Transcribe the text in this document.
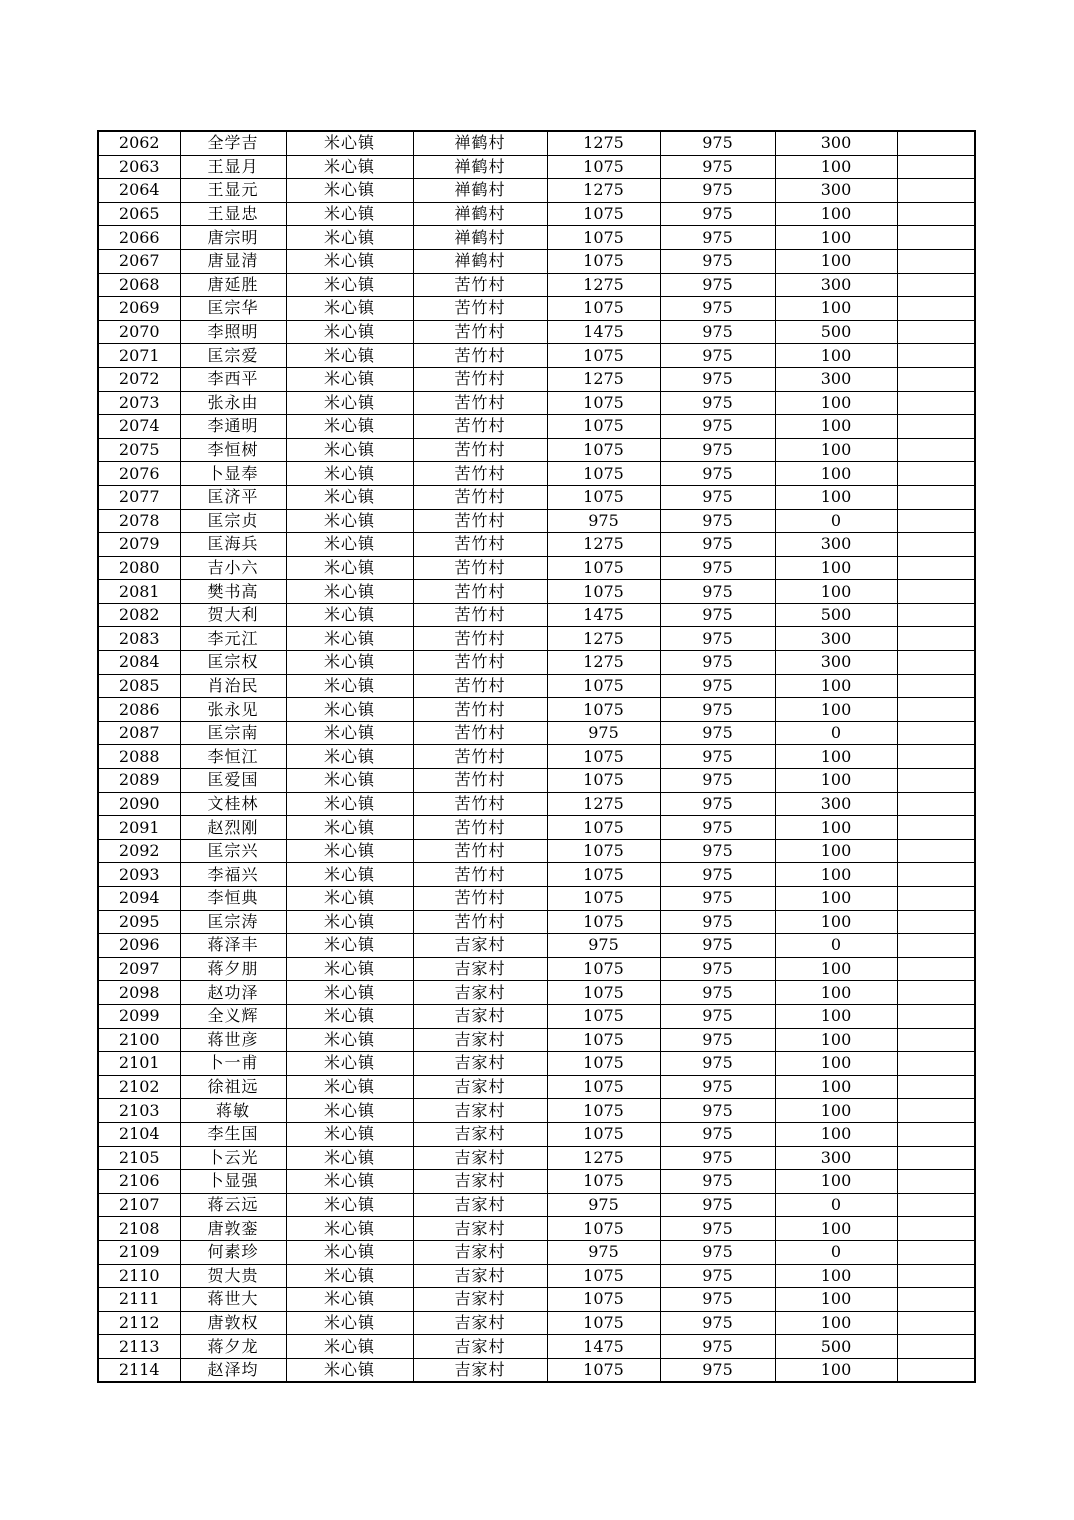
2062	全学吉	米心镇	禅鹤村	1275	975	300	
2063	王显月	米心镇	禅鹤村	1075	975	100	
2064	王显元	米心镇	禅鹤村	1275	975	300	
2065	王显忠	米心镇	禅鹤村	1075	975	100	
2066	唐宗明	米心镇	禅鹤村	1075	975	100	
2067	唐显清	米心镇	禅鹤村	1075	975	100	
2068	唐延胜	米心镇	苦竹村	1275	975	300	
2069	匡宗华	米心镇	苦竹村	1075	975	100	
2070	李照明	米心镇	苦竹村	1475	975	500	
2071	匡宗爱	米心镇	苦竹村	1075	975	100	
2072	李西平	米心镇	苦竹村	1275	975	300	
2073	张永由	米心镇	苦竹村	1075	975	100	
2074	李通明	米心镇	苦竹村	1075	975	100	
2075	李恒树	米心镇	苦竹村	1075	975	100	
2076	卜显奉	米心镇	苦竹村	1075	975	100	
2077	匡济平	米心镇	苦竹村	1075	975	100	
2078	匡宗贞	米心镇	苦竹村	975	975	0	
2079	匡海兵	米心镇	苦竹村	1275	975	300	
2080	吉小六	米心镇	苦竹村	1075	975	100	
2081	樊书高	米心镇	苦竹村	1075	975	100	
2082	贺大利	米心镇	苦竹村	1475	975	500	
2083	李元江	米心镇	苦竹村	1275	975	300	
2084	匡宗权	米心镇	苦竹村	1275	975	300	
2085	肖治民	米心镇	苦竹村	1075	975	100	
2086	张永见	米心镇	苦竹村	1075	975	100	
2087	匡宗南	米心镇	苦竹村	975	975	0	
2088	李恒江	米心镇	苦竹村	1075	975	100	
2089	匡爱国	米心镇	苦竹村	1075	975	100	
2090	文桂林	米心镇	苦竹村	1275	975	300	
2091	赵烈刚	米心镇	苦竹村	1075	975	100	
2092	匡宗兴	米心镇	苦竹村	1075	975	100	
2093	李福兴	米心镇	苦竹村	1075	975	100	
2094	李恒典	米心镇	苦竹村	1075	975	100	
2095	匡宗涛	米心镇	苦竹村	1075	975	100	
2096	蒋泽丰	米心镇	吉家村	975	975	0	
2097	蒋夕朋	米心镇	吉家村	1075	975	100	
2098	赵功泽	米心镇	吉家村	1075	975	100	
2099	全义辉	米心镇	吉家村	1075	975	100	
2100	蒋世彦	米心镇	吉家村	1075	975	100	
2101	卜一甫	米心镇	吉家村	1075	975	100	
2102	徐祖远	米心镇	吉家村	1075	975	100	
2103	蒋敏	米心镇	吉家村	1075	975	100	
2104	李生国	米心镇	吉家村	1075	975	100	
2105	卜云光	米心镇	吉家村	1275	975	300	
2106	卜显强	米心镇	吉家村	1075	975	100	
2107	蒋云远	米心镇	吉家村	975	975	0	
2108	唐敦銮	米心镇	吉家村	1075	975	100	
2109	何素珍	米心镇	吉家村	975	975	0	
2110	贺大贵	米心镇	吉家村	1075	975	100	
2111	蒋世大	米心镇	吉家村	1075	975	100	
2112	唐敦权	米心镇	吉家村	1075	975	100	
2113	蒋夕龙	米心镇	吉家村	1475	975	500	
2114	赵泽均	米心镇	吉家村	1075	975	100	
